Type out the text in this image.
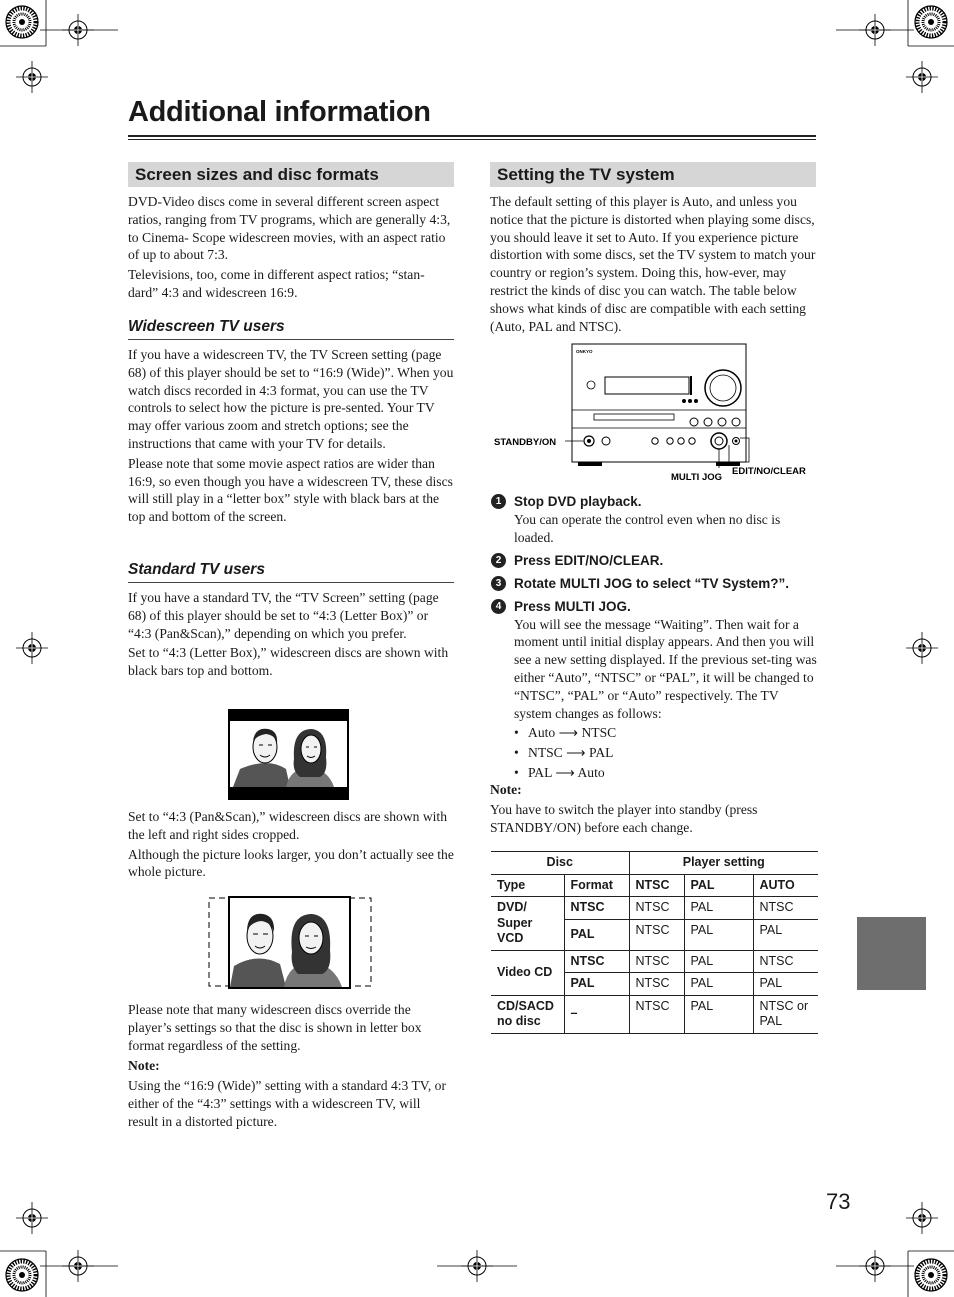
Additional information
Screen sizes and disc formats

DVD-Video discs come in several different screen aspect ratios, ranging from TV programs, which are generally 4:3, to Cinema- Scope widescreen movies, with an aspect ratio of up to about 7:3.

Televisions, too, come in different aspect ratios; “stan-dard” 4:3 and widescreen 16:9.

Widescreen TV users

If you have a widescreen TV, the TV Screen setting (page 68) of this player should be set to “16:9 (Wide)”. When you watch discs recorded in 4:3 format, you can use the TV controls to select how the picture is pre-sented. Your TV may offer various zoom and stretch options; see the instructions that came with your TV for details.

Please note that some movie aspect ratios are wider than 16:9, so even though you have a widescreen TV, these discs will still play in a “letter box” style with black bars at the top and bottom of the screen.

Standard TV users

If you have a standard TV, the “TV Screen” setting (page 68) of this player should be set to “4:3 (Letter Box)” or “4:3 (Pan&Scan),” depending on which you prefer.

Set to “4:3 (Letter Box),” widescreen discs are shown with black bars top and bottom.

Set to “4:3 (Pan&Scan),” widescreen discs are shown with the left and right sides cropped.

Although the picture looks larger, you don’t actually see the whole picture.

Please note that many widescreen discs override the player’s settings so that the disc is shown in letter box format regardless of the setting.

Note:

Using the “16:9 (Wide)” setting with a standard 4:3 TV, or either of the “4:3” settings with a widescreen TV, will result in a distorted picture.

Setting the TV system

The default setting of this player is Auto, and unless you notice that the picture is distorted when playing some discs, you should leave it set to Auto. If you experience picture distortion with some discs, set the TV system to match your country or region’s system. Doing this, how-ever, may restrict the kinds of disc you can watch. The table below shows what kinds of disc are compatible with each setting (Auto, PAL and NTSC).

ONKYO
STANDBY/ON
MULTI JOG
EDIT/NO/CLEAR
1 Stop DVD playback.
You can operate the control even when no disc is loaded.
2 Press EDIT/NO/CLEAR.
3 Rotate MULTI JOG to select “TV System?”.
4 Press MULTI JOG.
You will see the message “Waiting”. Then wait for a moment until initial display appears. And then you will see a new setting displayed. If the previous set-ting was either “Auto”, “NTSC” or “PAL”, it will be changed to “NTSC”, “PAL” or “Auto” respectively. The TV system changes as follows:
• Auto ⟶ NTSC
• NTSC ⟶ PAL
• PAL ⟶ Auto

Note:

You have to switch the player into standby (press STANDBY/ON) before each change.

Disc		Player setting		
Type	Format	NTSC	PAL	AUTO
DVD/ Super VCD	NTSC	NTSC	PAL	NTSC
	PAL	NTSC	PAL	PAL
Video CD	NTSC	NTSC	PAL	NTSC
	PAL	NTSC	PAL	PAL
CD/SACD no disc	–	NTSC	PAL	NTSC or PAL
73
